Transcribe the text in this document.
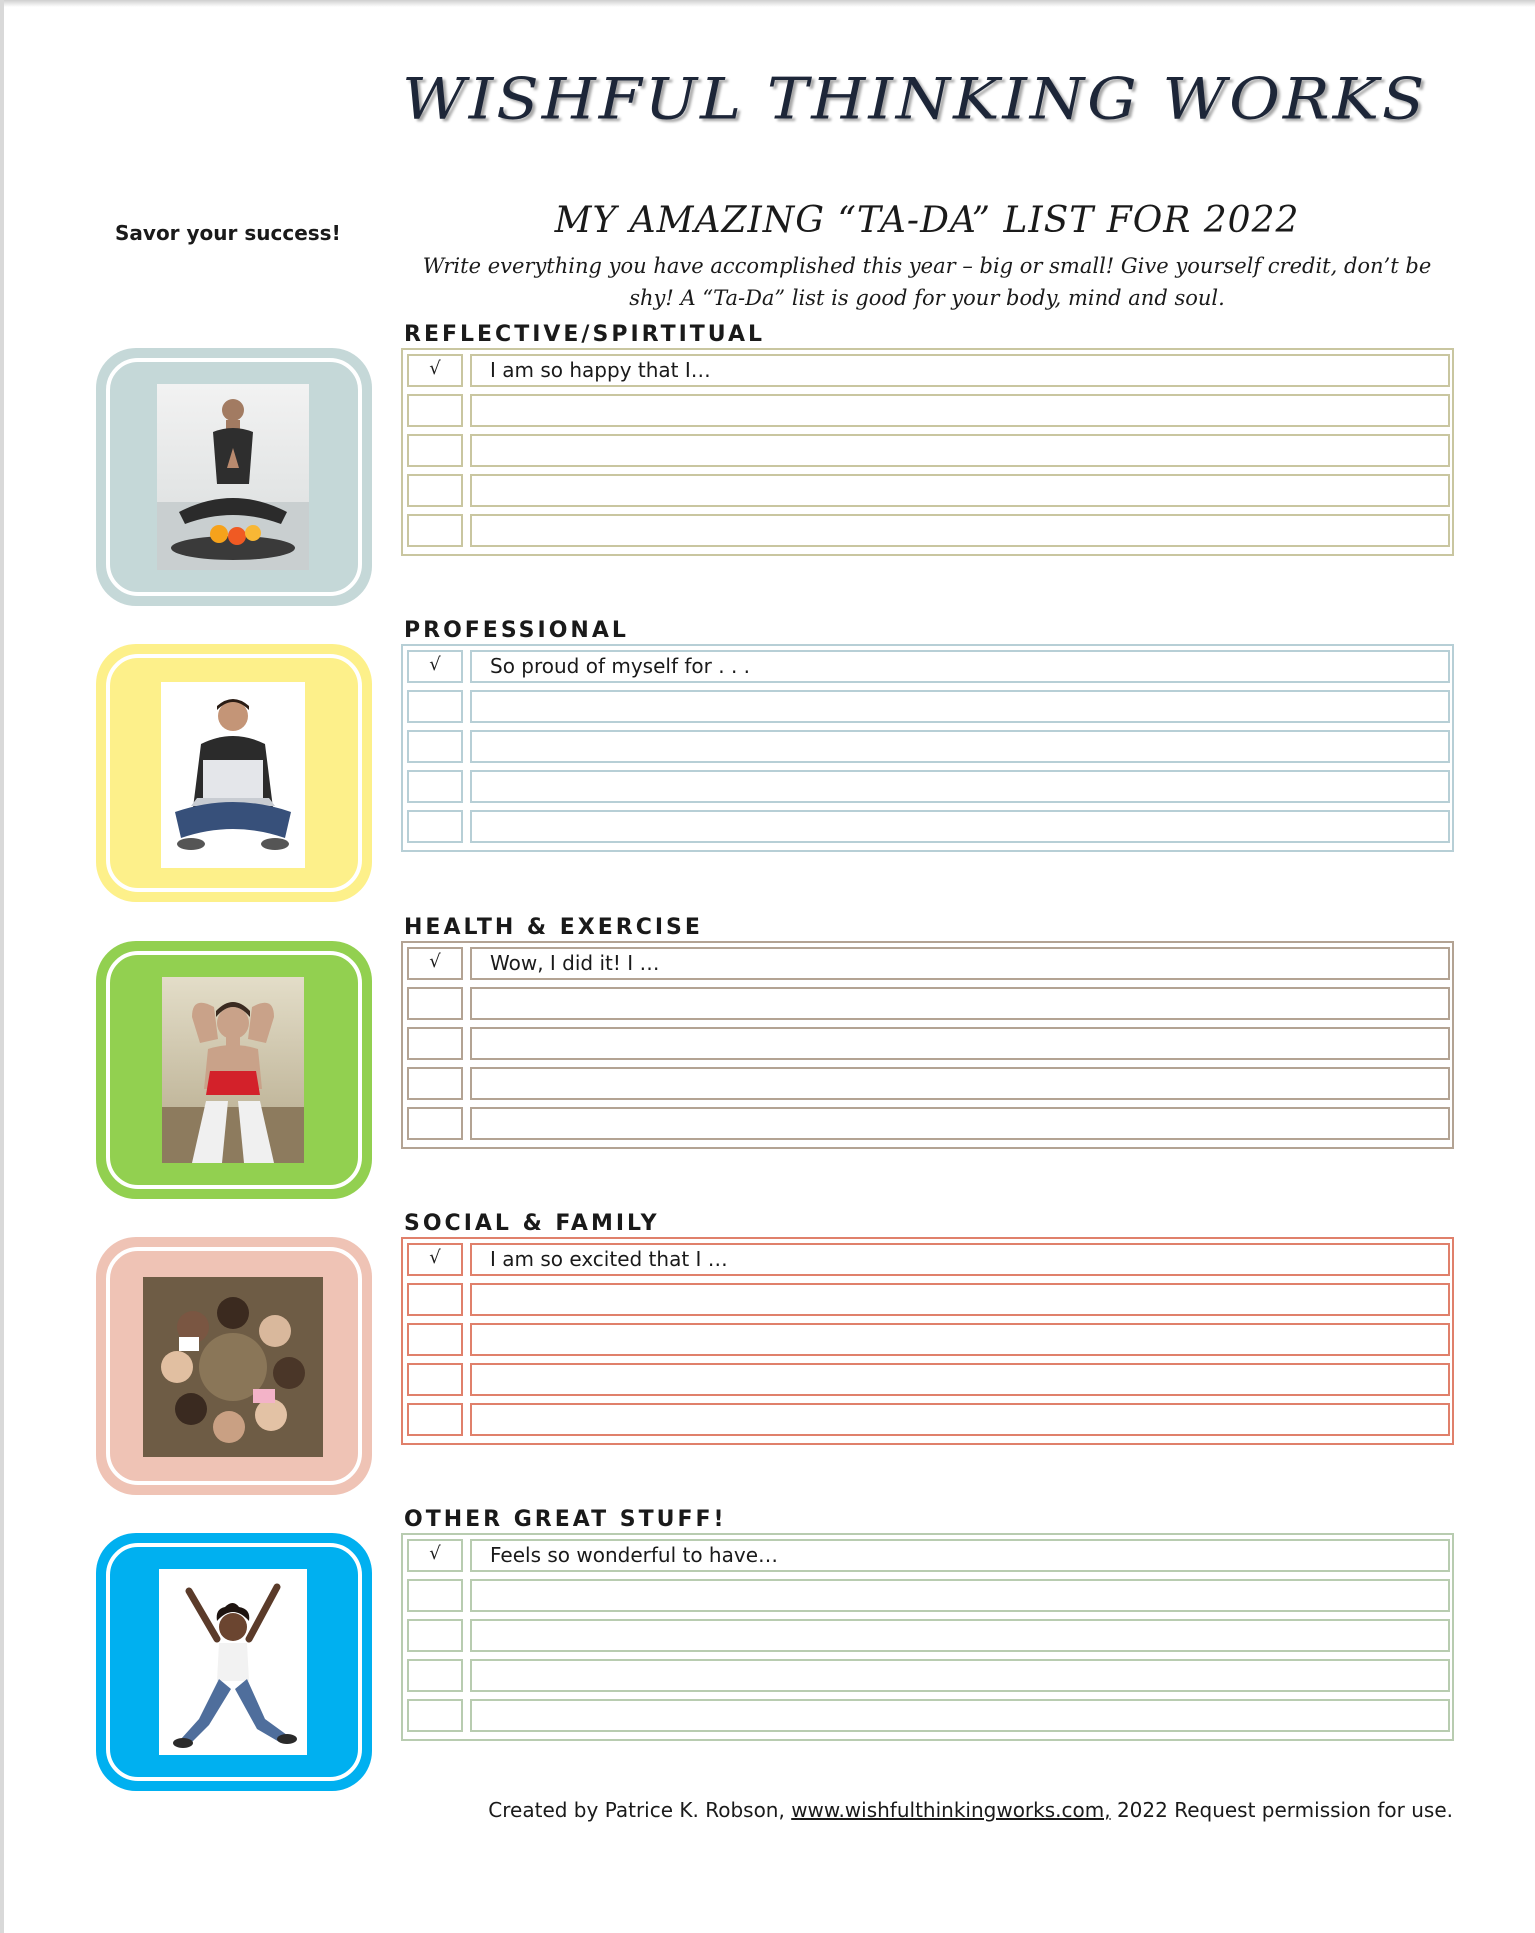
WISHFUL THINKING WORKS
Savor your success!	MY AMAZING “TA-DA” LIST FOR 2022
Write everything you have accomplished this year – big or small! Give yourself credit, don’t be
shy! A “Ta-Da” list is good for your body, mind and soul.
REFLECTIVE/SPIRTITUAL
√	I am so happy that I…
PROFESSIONAL
√	So proud of myself for . . .
HEALTH & EXERCISE
√	Wow, I did it! I …
SOCIAL & FAMILY
√	I am so excited that I …
OTHER GREAT STUFF!
√	Feels so wonderful to have…
Created by Patrice K. Robson, www.wishfulthinkingworks.com, 2022 Request permission for use.
